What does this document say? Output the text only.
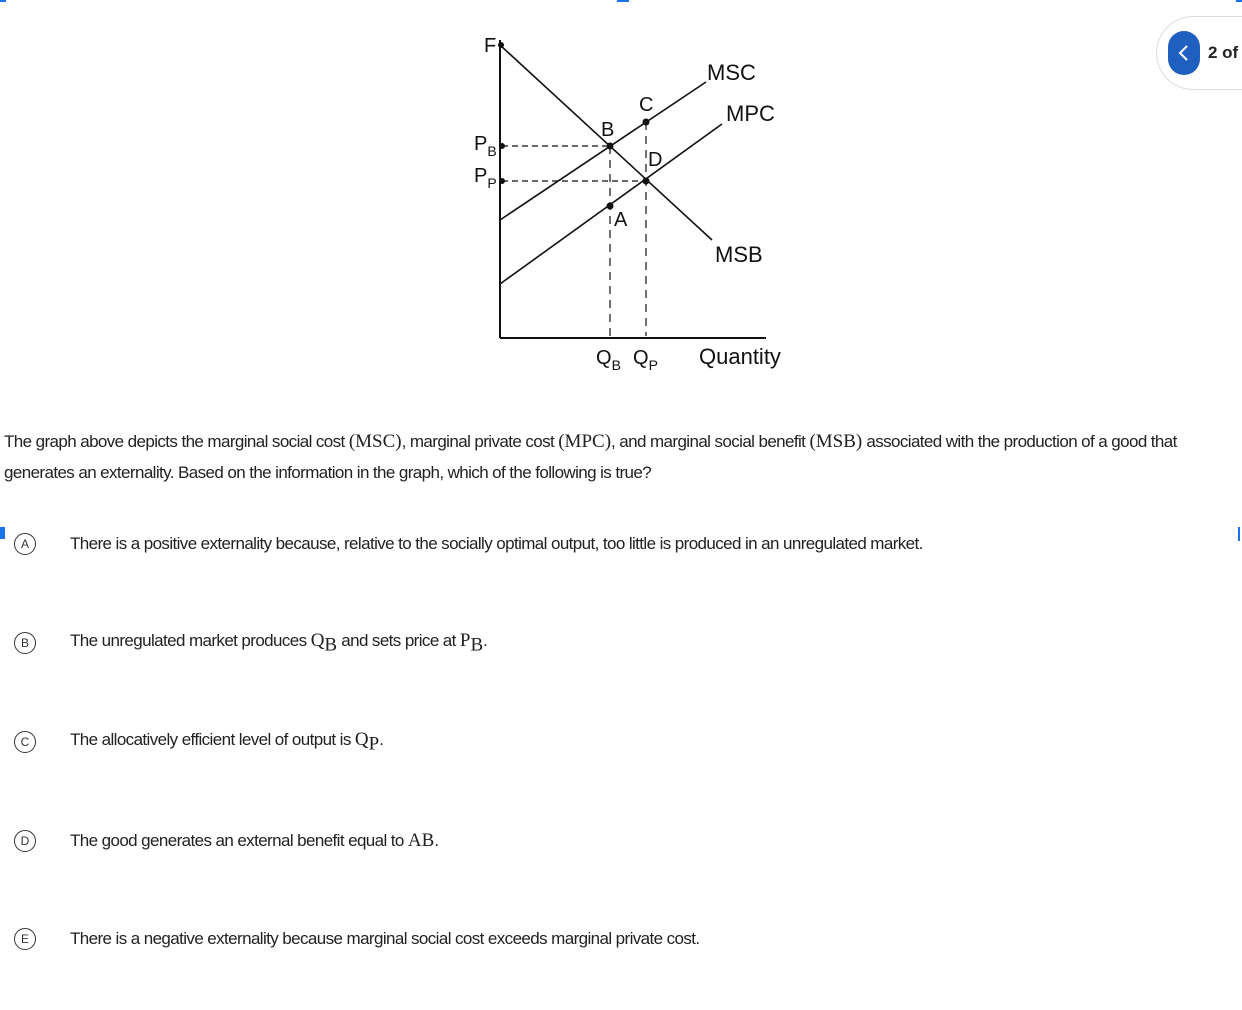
F
$P_B$
$P_P$
MSC
MPC
MSB
B
C
D
A
$Q_B$ $Q_P$ Quantity
2 of
The graph above depicts the marginal social cost (MSC), marginal private cost (MPC), and marginal social benefit (MSB) associated with the production of a good that generates an externality. Based on the information in the graph, which of the following is true?
A	There is a positive externality because, relative to the socially optimal output, too little is produced in an unregulated market.
B	The unregulated market produces $Q_B$ and sets price at $P_B$.
C	The allocatively efficient level of output is $Q_P$.
D	The good generates an external benefit equal to AB.
E	There is a negative externality because marginal social cost exceeds marginal private cost.
